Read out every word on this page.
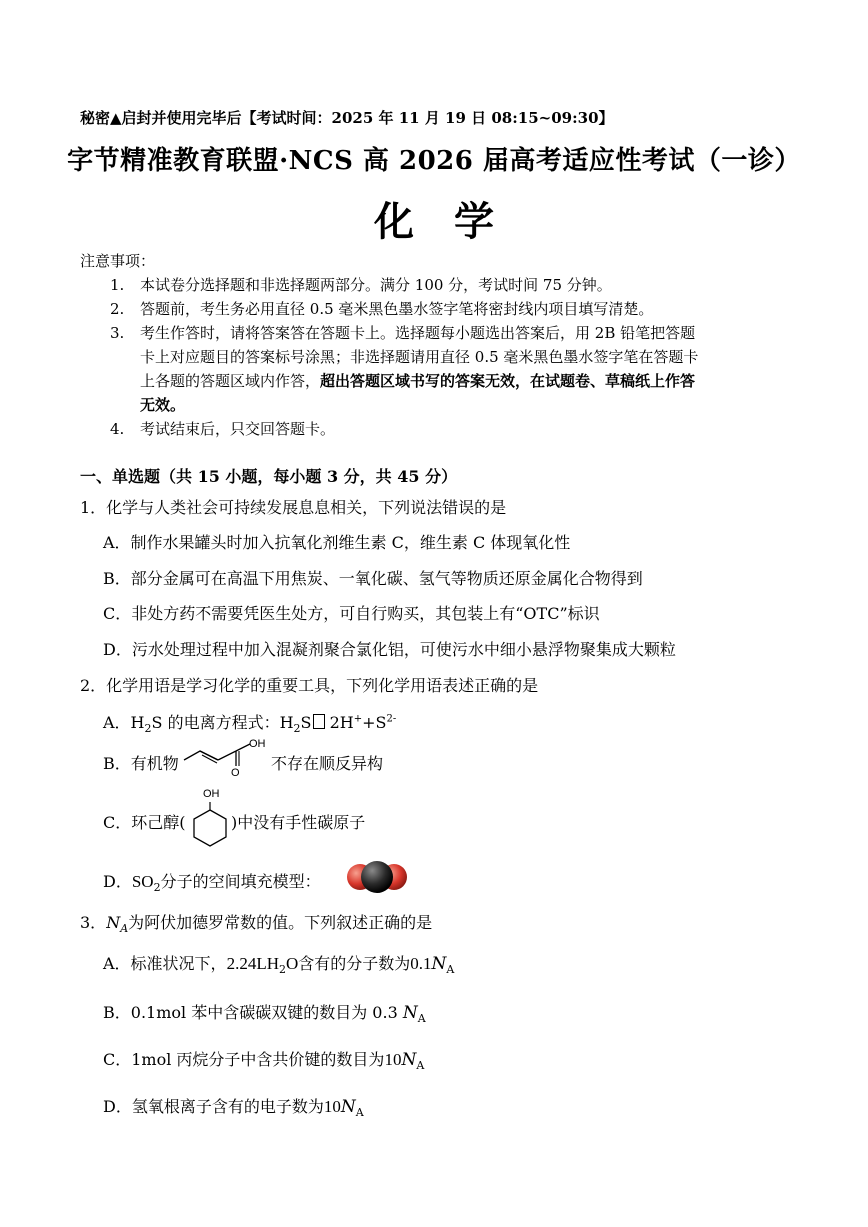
秘密▲启封并使用完毕后【考试时间：2025 年 11 月 19 日 08:15~09:30】
字节精准教育联盟·NCS 高 2026 届高考适应性考试（一诊）
化学
注意事项：
1. 本试卷分选择题和非选择题两部分。满分 100 分，考试时间 75 分钟。
2. 答题前，考生务必用直径 0.5 毫米黑色墨水签字笔将密封线内项目填写清楚。
3. 考生作答时，请将答案答在答题卡上。选择题每小题选出答案后，用 2B 铅笔把答题
卡上对应题目的答案标号涂黑；非选择题请用直径 0.5 毫米黑色墨水签字笔在答题卡
上各题的答题区域内作答，超出答题区域书写的答案无效，在试题卷、草稿纸上作答
无效。
4. 考试结束后，只交回答题卡。
一、单选题（共 15 小题，每小题 3 分，共 45 分）
1．化学与人类社会可持续发展息息相关，下列说法错误的是
A．制作水果罐头时加入抗氧化剂维生素 C，维生素 C 体现氧化性
B．部分金属可在高温下用焦炭、一氧化碳、氢气等物质还原金属化合物得到
C．非处方药不需要凭医生处方，可自行购买，其包装上有“OTC”标识
D．污水处理过程中加入混凝剂聚合氯化铝，可使污水中细小悬浮物聚集成大颗粒
2．化学用语是学习化学的重要工具，下列化学用语表述正确的是
A．$H_2S$ 的电离方程式：$H_2S$ $2H^++S^{2-}$
B．有机物
OH
O 不存在顺反异构
C．环己醇(
OH
)中没有手性碳原子
D．$SO_2$分子的空间填充模型：
3．$N_A$为阿伏加德罗常数的值。下列叙述正确的是
A．标准状况下，$2.24LH_2O$含有的分子数为$0.1N_A$
B．0.1mol 苯中含碳碳双键的数目为 0.3 $N_A$
C．1mol 丙烷分子中含共价键的数目为$10N_A$
D．氢氧根离子含有的电子数为$10N_A$
